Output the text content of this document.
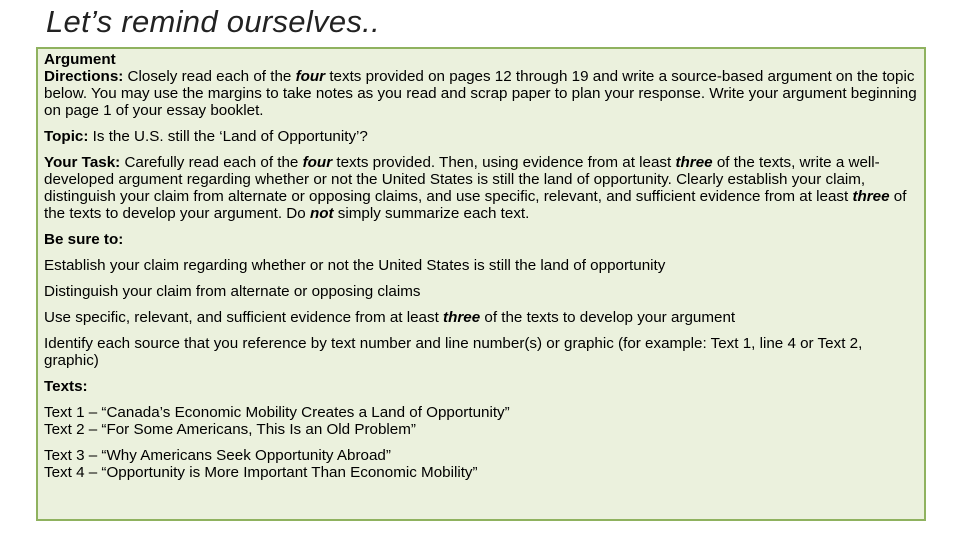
Let’s remind ourselves..

Argument

Directions: Closely read each of the four texts provided on pages 12 through 19 and write a source-based argument on the topic below. You may use the margins to take notes as you read and scrap paper to plan your response. Write your argument beginning on page 1 of your essay booklet.

Topic: Is the U.S. still the ‘Land of Opportunity’?

Your Task: Carefully read each of the four texts provided. Then, using evidence from at least three of the texts, write a well-developed argument regarding whether or not the United States is still the land of opportunity. Clearly establish your claim, distinguish your claim from alternate or opposing claims, and use specific, relevant, and sufficient evidence from at least three of the texts to develop your argument. Do not simply summarize each text.

Be sure to:

Establish your claim regarding whether or not the United States is still the land of opportunity

Distinguish your claim from alternate or opposing claims

Use specific, relevant, and sufficient evidence from at least three of the texts to develop your argument

Identify each source that you reference by text number and line number(s) or graphic (for example: Text 1, line 4 or Text 2, graphic)

Texts:

Text 1 – “Canada’s Economic Mobility Creates a Land of Opportunity”

Text 2 – “For Some Americans, This Is an Old Problem”

Text 3 – “Why Americans Seek Opportunity Abroad”

Text 4 – “Opportunity is More Important Than Economic Mobility”
